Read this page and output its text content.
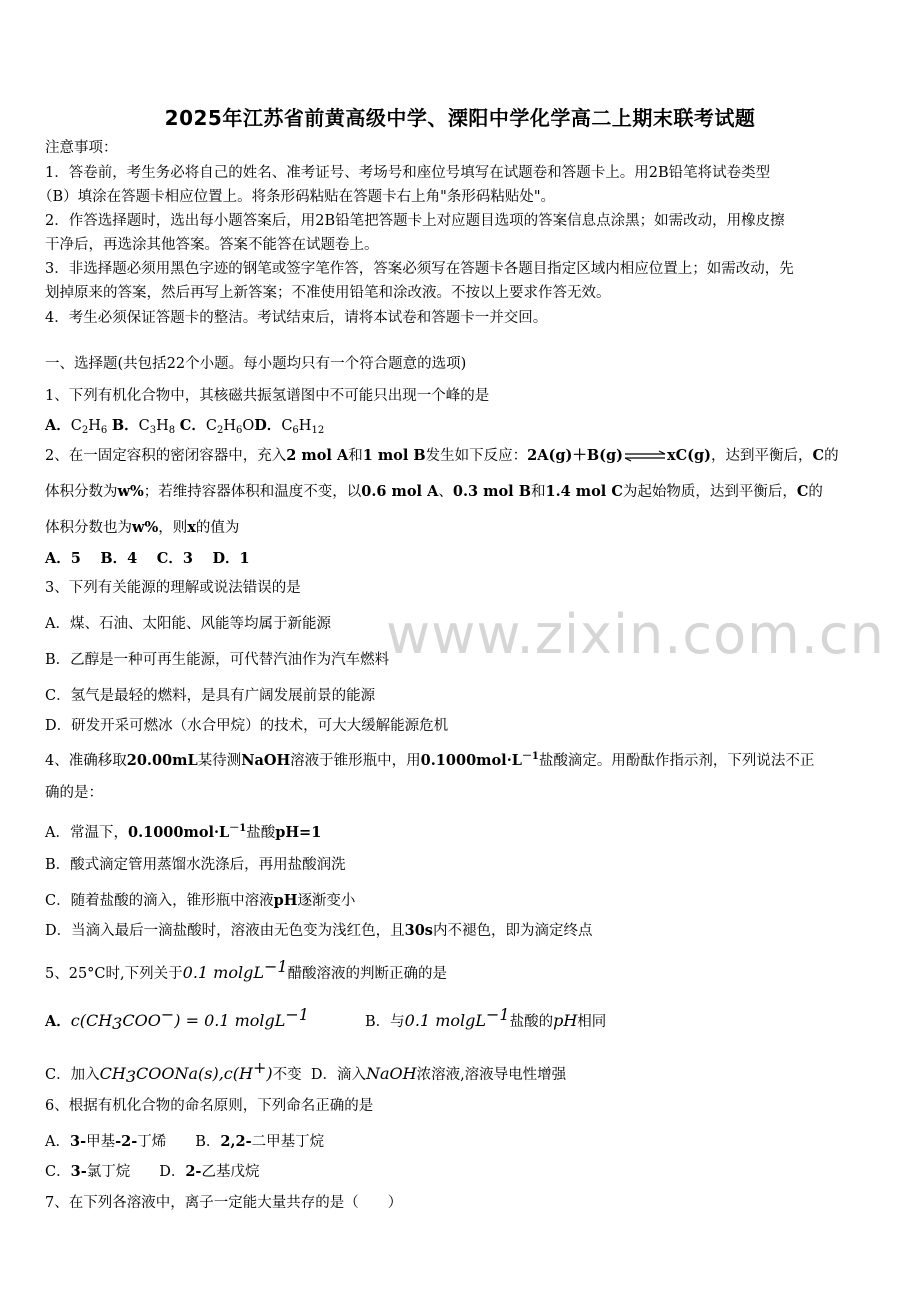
2025年江苏省前黄高级中学、溧阳中学化学高二上期末联考试题
注意事项：
1．答卷前，考生务必将自己的姓名、准考证号、考场号和座位号填写在试题卷和答题卡上。用2B铅笔将试卷类型
（B）填涂在答题卡相应位置上。将条形码粘贴在答题卡右上角"条形码粘贴处"。
2．作答选择题时，选出每小题答案后，用2B铅笔把答题卡上对应题目选项的答案信息点涂黑；如需改动，用橡皮擦
干净后，再选涂其他答案。答案不能答在试题卷上。
3．非选择题必须用黑色字迹的钢笔或签字笔作答，答案必须写在答题卡各题目指定区域内相应位置上；如需改动，先
划掉原来的答案，然后再写上新答案；不准使用铅笔和涂改液。不按以上要求作答无效。
4．考生必须保证答题卡的整洁。考试结束后，请将本试卷和答题卡一并交回。
一、选择题(共包括22个小题。每小题均只有一个符合题意的选项)
1、下列有机化合物中，其核磁共振氢谱图中不可能只出现一个峰的是
A．$C_2H_6$ B．$C_3H_8$ C．$C_2H_6OD$．$C_6H_{12}$
2、在一固定容积的密闭容器中，充入2 mol A和1 mol B发生如下反应：2A(g)＋B(g)⇌xC(g)，达到平衡后，C的
体积分数为w%；若维持容器体积和温度不变，以0.6 mol A、0.3 mol B和1.4 mol C为起始物质，达到平衡后，C的
体积分数也为w%，则x的值为
A．5　 B．4　 C．3　 D．1
3、下列有关能源的理解或说法错误的是
A．煤、石油、太阳能、风能等均属于新能源
B．乙醇是一种可再生能源，可代替汽油作为汽车燃料
C．氢气是最轻的燃料，是具有广阔发展前景的能源
D．研发开采可燃冰（水合甲烷）的技术，可大大缓解能源危机
4、准确移取20.00mL某待测NaOH溶液于锥形瓶中，用$0.1000mol\cdot L^{-1}$盐酸滴定。用酚酞作指示剂，下列说法不正
确的是：
A．常温下，$0.1000mol\cdot L^{-1}$盐酸pH=1
B．酸式滴定管用蒸馏水洗涤后，再用盐酸润洗
C．随着盐酸的滴入，锥形瓶中溶液pH逐渐变小
D．当滴入最后一滴盐酸时，溶液由无色变为浅红色，且30s内不褪色，即为滴定终点
5、25°C时,下列关于0.1 molgL$^{-1}$醋酸溶液的判断正确的是
A．$c(CH_3COO^-) = 0.1$ molgL$^{-1}$	B．与0.1 molgL$^{-1}$盐酸的pH相同
C．加入$CH_3COONa(s),c(H^+)$不变 D．滴入NaOH浓溶液,溶液导电性增强
6、根据有机化合物的命名原则，下列命名正确的是
A．3-甲基-2-丁烯　　B．2,2-二甲基丁烷
C．3-氯丁烷　　D．2-乙基戊烷
7、在下列各溶液中，离子一定能大量共存的是（　　）
www.zixin.com.cn
